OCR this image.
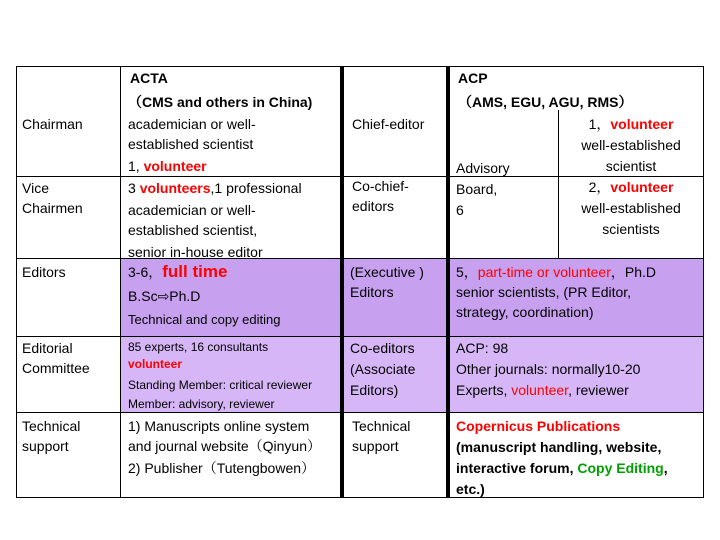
ACTA
（CMS and others in China)
ACP
（AMS, EGU, AGU, RMS）
Chairman
Vice
Chairmen
Editors
Editorial
Committee
Technical
support
academician or well-
established scientist
1, volunteer
3 volunteers,1 professional
academician or well-
established scientist,
senior in-house editor
3-6，full time
B.Sc⇨Ph.D
Technical and copy editing
85 experts, 16 consultants
volunteer
Standing Member: critical reviewer
Member: advisory, reviewer
1) Manuscripts online system
and journal website（Qinyun）
2) Publisher（Tutengbowen）
Chief-editor
Co-chief-
editors
(Executive )
Editors
Co-editors
(Associate
Editors)
Technical
support
Advisory
Board,
6
1，volunteer
well-established
scientist
2，volunteer
well-established
scientists
5，part-time or volunteer，Ph.D
senior scientists, (PR Editor,
strategy, coordination)
ACP: 98
Other journals: normally10-20
Experts, volunteer, reviewer
Copernicus Publications
(manuscript handling, website,
interactive forum, Copy Editing,
etc.)
